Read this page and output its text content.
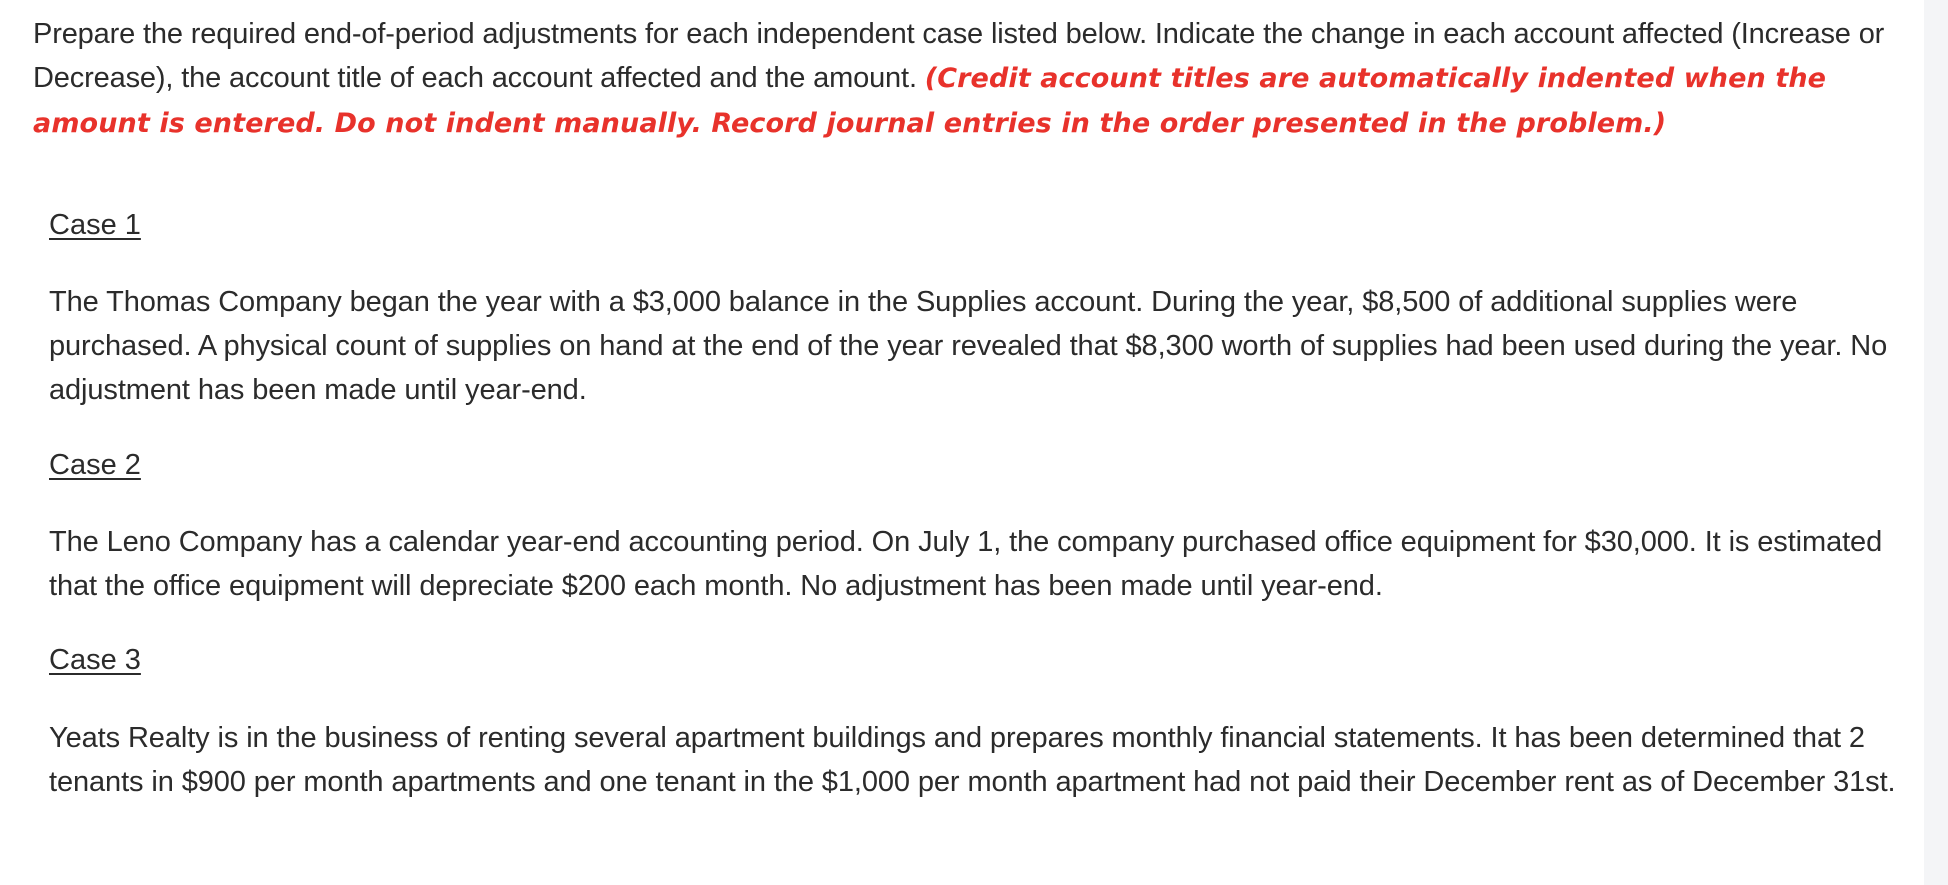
Prepare the required end-of-period adjustments for each independent case listed below. Indicate the change in each account affected (Increase or Decrease), the account title of each account affected and the amount. (Credit account titles are automatically indented when the amount is entered. Do not indent manually. Record journal entries in the order presented in the problem.)

Case 1

The Thomas Company began the year with a $3,000 balance in the Supplies account. During the year, $8,500 of additional supplies were purchased. A physical count of supplies on hand at the end of the year revealed that $8,300 worth of supplies had been used during the year. No adjustment has been made until year-end.

Case 2

The Leno Company has a calendar year-end accounting period. On July 1, the company purchased office equipment for $30,000. It is estimated that the office equipment will depreciate $200 each month. No adjustment has been made until year-end.

Case 3

Yeats Realty is in the business of renting several apartment buildings and prepares monthly financial statements. It has been determined that 2 tenants in $900 per month apartments and one tenant in the $1,000 per month apartment had not paid their December rent as of December 31st.
